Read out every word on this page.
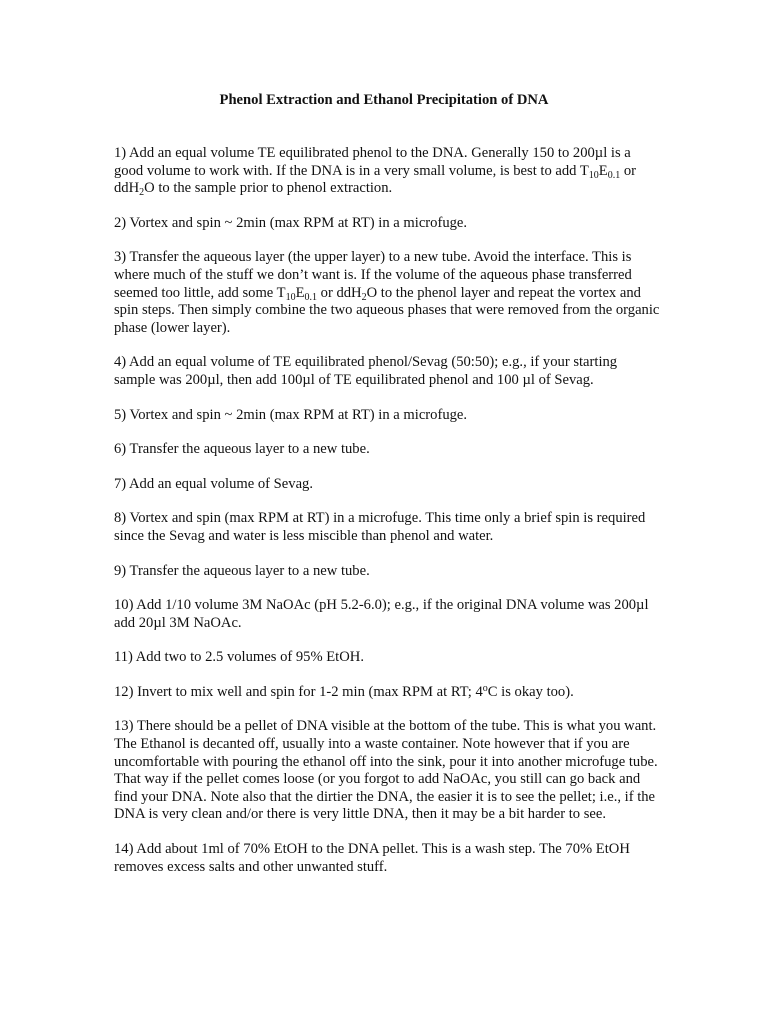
Phenol Extraction and Ethanol Precipitation of DNA
1) Add an equal volume TE equilibrated phenol to the DNA. Generally 150 to 200µl is a good volume to work with. If the DNA is in a very small volume, is best to add $T_{10}E_{0.1}$ or ddH$_2$O to the sample prior to phenol extraction.
2) Vortex and spin ~ 2min (max RPM at RT) in a microfuge.
3) Transfer the aqueous layer (the upper layer) to a new tube. Avoid the interface. This is where much of the stuff we don’t want is. If the volume of the aqueous phase transferred seemed too little, add some $T_{10}E_{0.1}$ or ddH$_2$O to the phenol layer and repeat the vortex and spin steps. Then simply combine the two aqueous phases that were removed from the organic phase (lower layer).
4) Add an equal volume of TE equilibrated phenol/Sevag (50:50); e.g., if your starting sample was 200µl, then add 100µl of TE equilibrated phenol and 100 µl of Sevag.
5) Vortex and spin ~ 2min (max RPM at RT) in a microfuge.
6) Transfer the aqueous layer to a new tube.
7) Add an equal volume of Sevag.
8) Vortex and spin (max RPM at RT) in a microfuge. This time only a brief spin is required since the Sevag and water is less miscible than phenol and water.
9) Transfer the aqueous layer to a new tube.
10) Add 1/10 volume 3M NaOAc (pH 5.2-6.0); e.g., if the original DNA volume was 200µl add 20µl 3M NaOAc.
11) Add two to 2.5 volumes of 95% EtOH.
12) Invert to mix well and spin for 1-2 min (max RPM at RT; 4$^o$C is okay too).
13) There should be a pellet of DNA visible at the bottom of the tube. This is what you want. The Ethanol is decanted off, usually into a waste container. Note however that if you are uncomfortable with pouring the ethanol off into the sink, pour it into another microfuge tube. That way if the pellet comes loose (or you forgot to add NaOAc, you still can go back and find your DNA. Note also that the dirtier the DNA, the easier it is to see the pellet; i.e., if the DNA is very clean and/or there is very little DNA, then it may be a bit harder to see.
14) Add about 1ml of 70% EtOH to the DNA pellet. This is a wash step. The 70% EtOH removes excess salts and other unwanted stuff.
